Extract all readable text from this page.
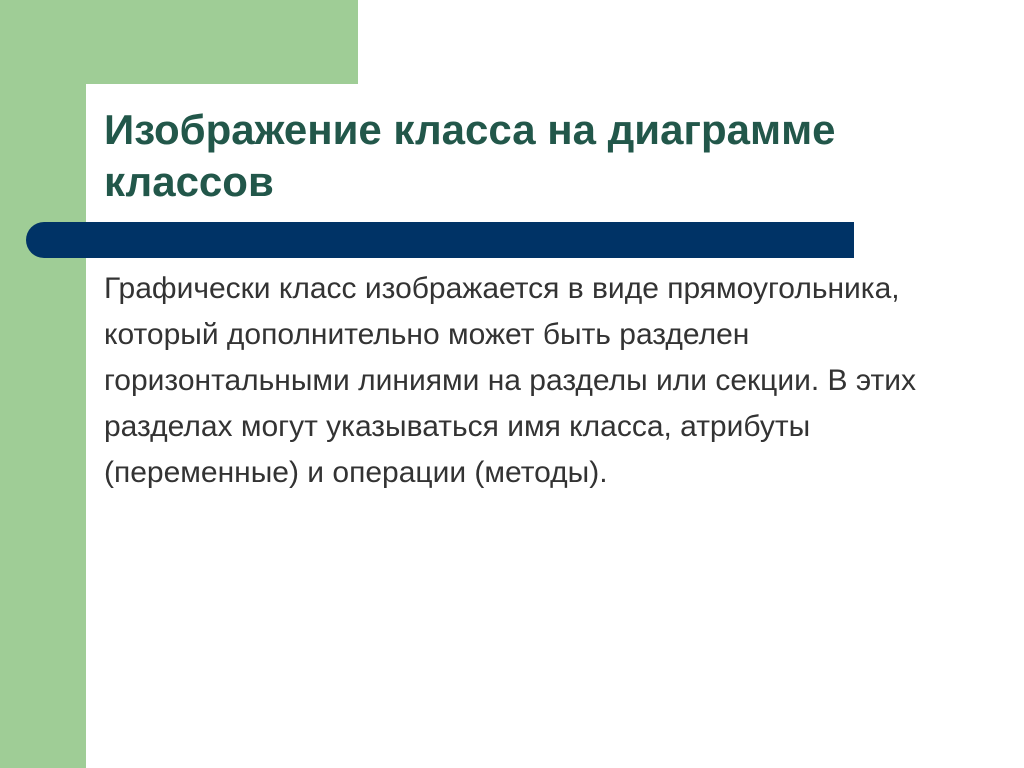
Изображение класса на диаграмме классов

Графически класс изображается в виде прямоугольника, который дополнительно может быть разделен горизонтальными линиями на разделы или секции. В этих разделах могут указываться имя класса, атрибуты (переменные) и операции (методы).
